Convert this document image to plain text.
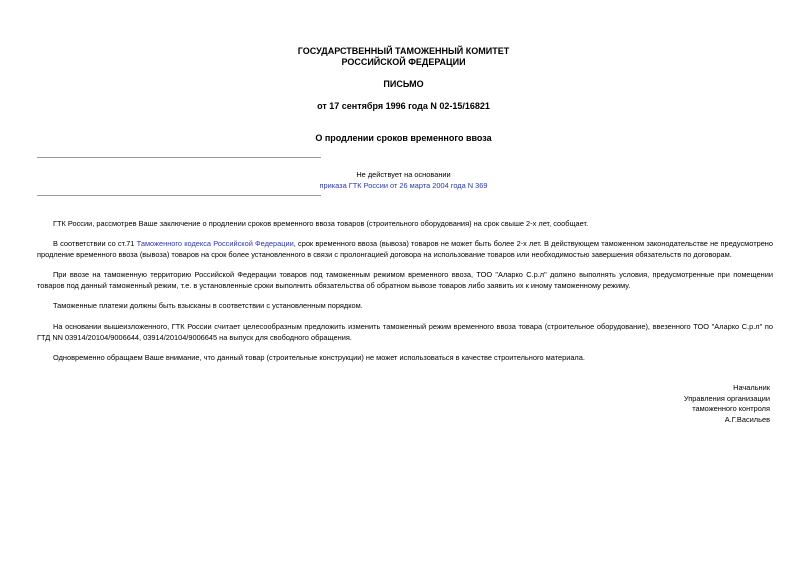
ГОСУДАРСТВЕННЫЙ ТАМОЖЕННЫЙ КОМИТЕТ
РОССИЙСКОЙ ФЕДЕРАЦИИ
ПИСЬМО
от 17 сентября 1996 года N 02-15/16821
О продлении сроков временного ввоза
Не действует на основании
приказа ГТК России от 26 марта 2004 года N 369
ГТК России, рассмотрев Ваше заключение о продлении сроков временного ввоза товаров (строительного оборудования) на срок свыше 2-х лет, сообщает.
В соответствии со ст.71 Таможенного кодекса Российской Федерации, срок временного ввоза (вывоза) товаров не может быть более 2-х лет. В действующем таможенном законодательстве не предусмотрено продление временного ввоза (вывоза) товаров на срок более установленного в связи с пролонгацией договора на использование товаров или необходимостью завершения обязательств по договорам.
При ввозе на таможенную территорию Российской Федерации товаров под таможенным режимом временного ввоза, ТОО "Аларко С.р.л" должно выполнять условия, предусмотренные при помещении товаров под данный таможенный режим, т.е. в установленные сроки выполнить обязательства об обратном вывозе товаров либо заявить их к иному таможенному режиму.
Таможенные платежи должны быть взысканы в соответствии с установленным порядком.
На основании вышеизложенного, ГТК России считает целесообразным предложить изменить таможенный режим временного ввоза товара (строительное оборудование), ввезенного ТОО "Аларко С.р.л" по ГТД NN 03914/20104/9006644, 03914/20104/9006645 на выпуск для свободного обращения.
Одновременно обращаем Ваше внимание, что данный товар (строительные конструкции) не может использоваться в качестве строительного материала.
Начальник
Управления организации
таможенного контроля
А.Г.Васильев
